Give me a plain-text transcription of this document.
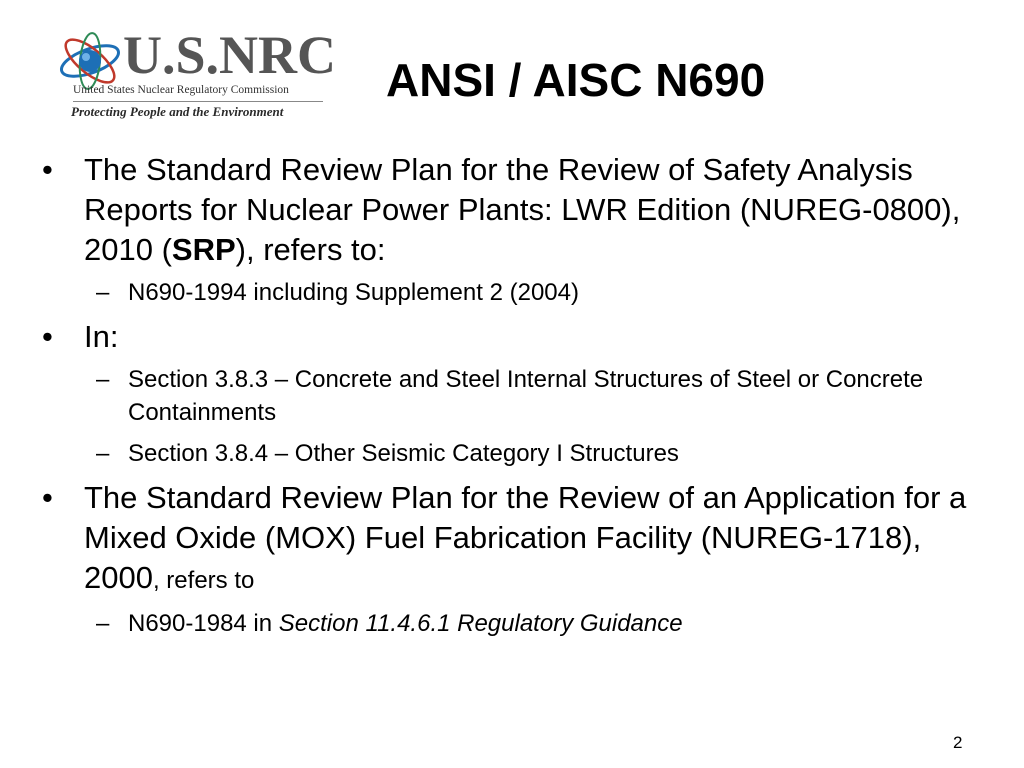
U.S.NRC
United States Nuclear Regulatory Commission
Protecting People and the Environment
ANSI / AISC N690
• The Standard Review Plan for the Review of Safety Analysis Reports for Nuclear Power Plants: LWR Edition (NUREG-0800), 2010 (SRP), refers to:
– N690-1994 including Supplement 2 (2004)
• In:
– Section 3.8.3 – Concrete and Steel Internal Structures of Steel or Concrete Containments
– Section 3.8.4 – Other Seismic Category I Structures
• The Standard Review Plan for the Review of an Application for a Mixed Oxide (MOX) Fuel Fabrication Facility (NUREG-1718), 2000, refers to
– N690-1984 in Section 11.4.6.1 Regulatory Guidance
2
